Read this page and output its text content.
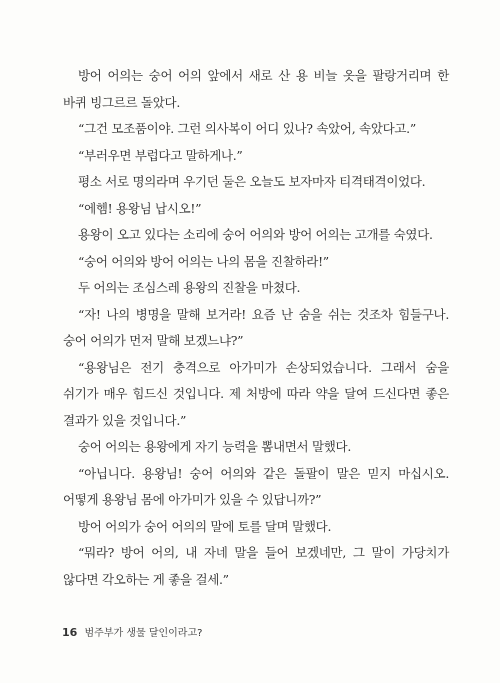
방어 어의는 숭어 어의 앞에서 새로 산 용 비늘 옷을 팔랑거리며 한 바퀴 빙그르르 돌았다.

“그건 모조품이야. 그런 의사복이 어디 있나? 속았어, 속았다고.”

“부러우면 부럽다고 말하게나.”

평소 서로 명의라며 우기던 둘은 오늘도 보자마자 티격태격이었다.

“에헴! 용왕님 납시오!”

용왕이 오고 있다는 소리에 숭어 어의와 방어 어의는 고개를 숙였다.

“숭어 어의와 방어 어의는 나의 몸을 진찰하라!”

두 어의는 조심스레 용왕의 진찰을 마쳤다.

“자! 나의 병명을 말해 보거라! 요즘 난 숨을 쉬는 것조차 힘들구나. 숭어 어의가 먼저 말해 보겠느냐?”

“용왕님은 전기 충격으로 아가미가 손상되었습니다. 그래서 숨을 쉬기가 매우 힘드신 것입니다. 제 처방에 따라 약을 달여 드신다면 좋은 결과가 있을 것입니다.”

숭어 어의는 용왕에게 자기 능력을 뽐내면서 말했다.

“아닙니다. 용왕님! 숭어 어의와 같은 돌팔이 말은 믿지 마십시오. 어떻게 용왕님 몸에 아가미가 있을 수 있답니까?”

방어 어의가 숭어 어의의 말에 토를 달며 말했다.

“뭐라? 방어 어의, 내 자네 말을 들어 보겠네만, 그 말이 가당치가 않다면 각오하는 게 좋을 걸세.”

16 범주부가 생물 달인이라고?
